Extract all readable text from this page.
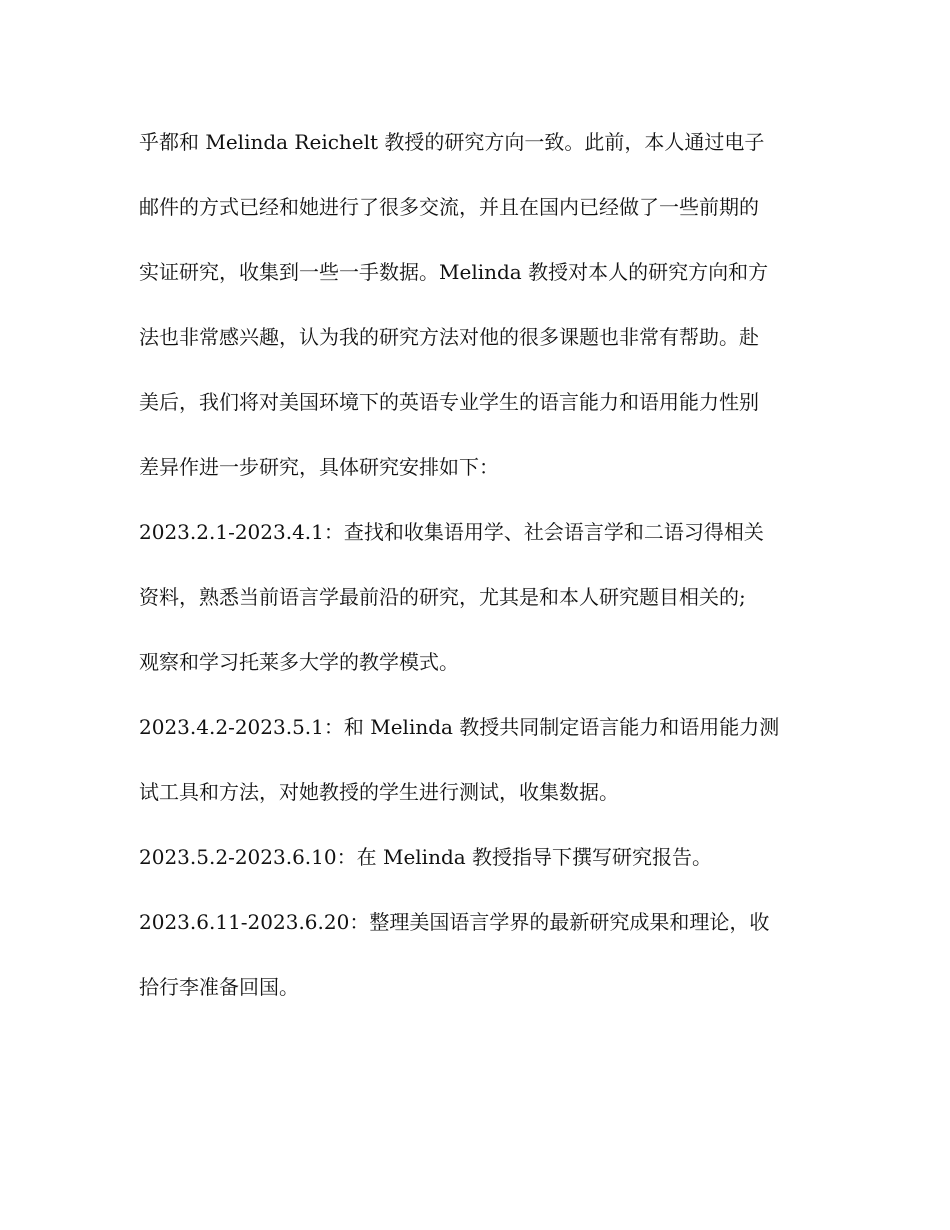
乎都和 Melinda Reichelt 教授的研究方向一致。此前，本人通过电子
邮件的方式已经和她进行了很多交流，并且在国内已经做了一些前期的
实证研究，收集到一些一手数据。Melinda 教授对本人的研究方向和方
法也非常感兴趣，认为我的研究方法对他的很多课题也非常有帮助。赴
美后，我们将对美国环境下的英语专业学生的语言能力和语用能力性别
差异作进一步研究，具体研究安排如下：
2023.2.1-2023.4.1：查找和收集语用学、社会语言学和二语习得相关
资料，熟悉当前语言学最前沿的研究，尤其是和本人研究题目相关的;
观察和学习托莱多大学的教学模式。
2023.4.2-2023.5.1：和 Melinda 教授共同制定语言能力和语用能力测
试工具和方法，对她教授的学生进行测试，收集数据。
2023.5.2-2023.6.10：在 Melinda 教授指导下撰写研究报告。
2023.6.11-2023.6.20：整理美国语言学界的最新研究成果和理论，收
拾行李准备回国。
